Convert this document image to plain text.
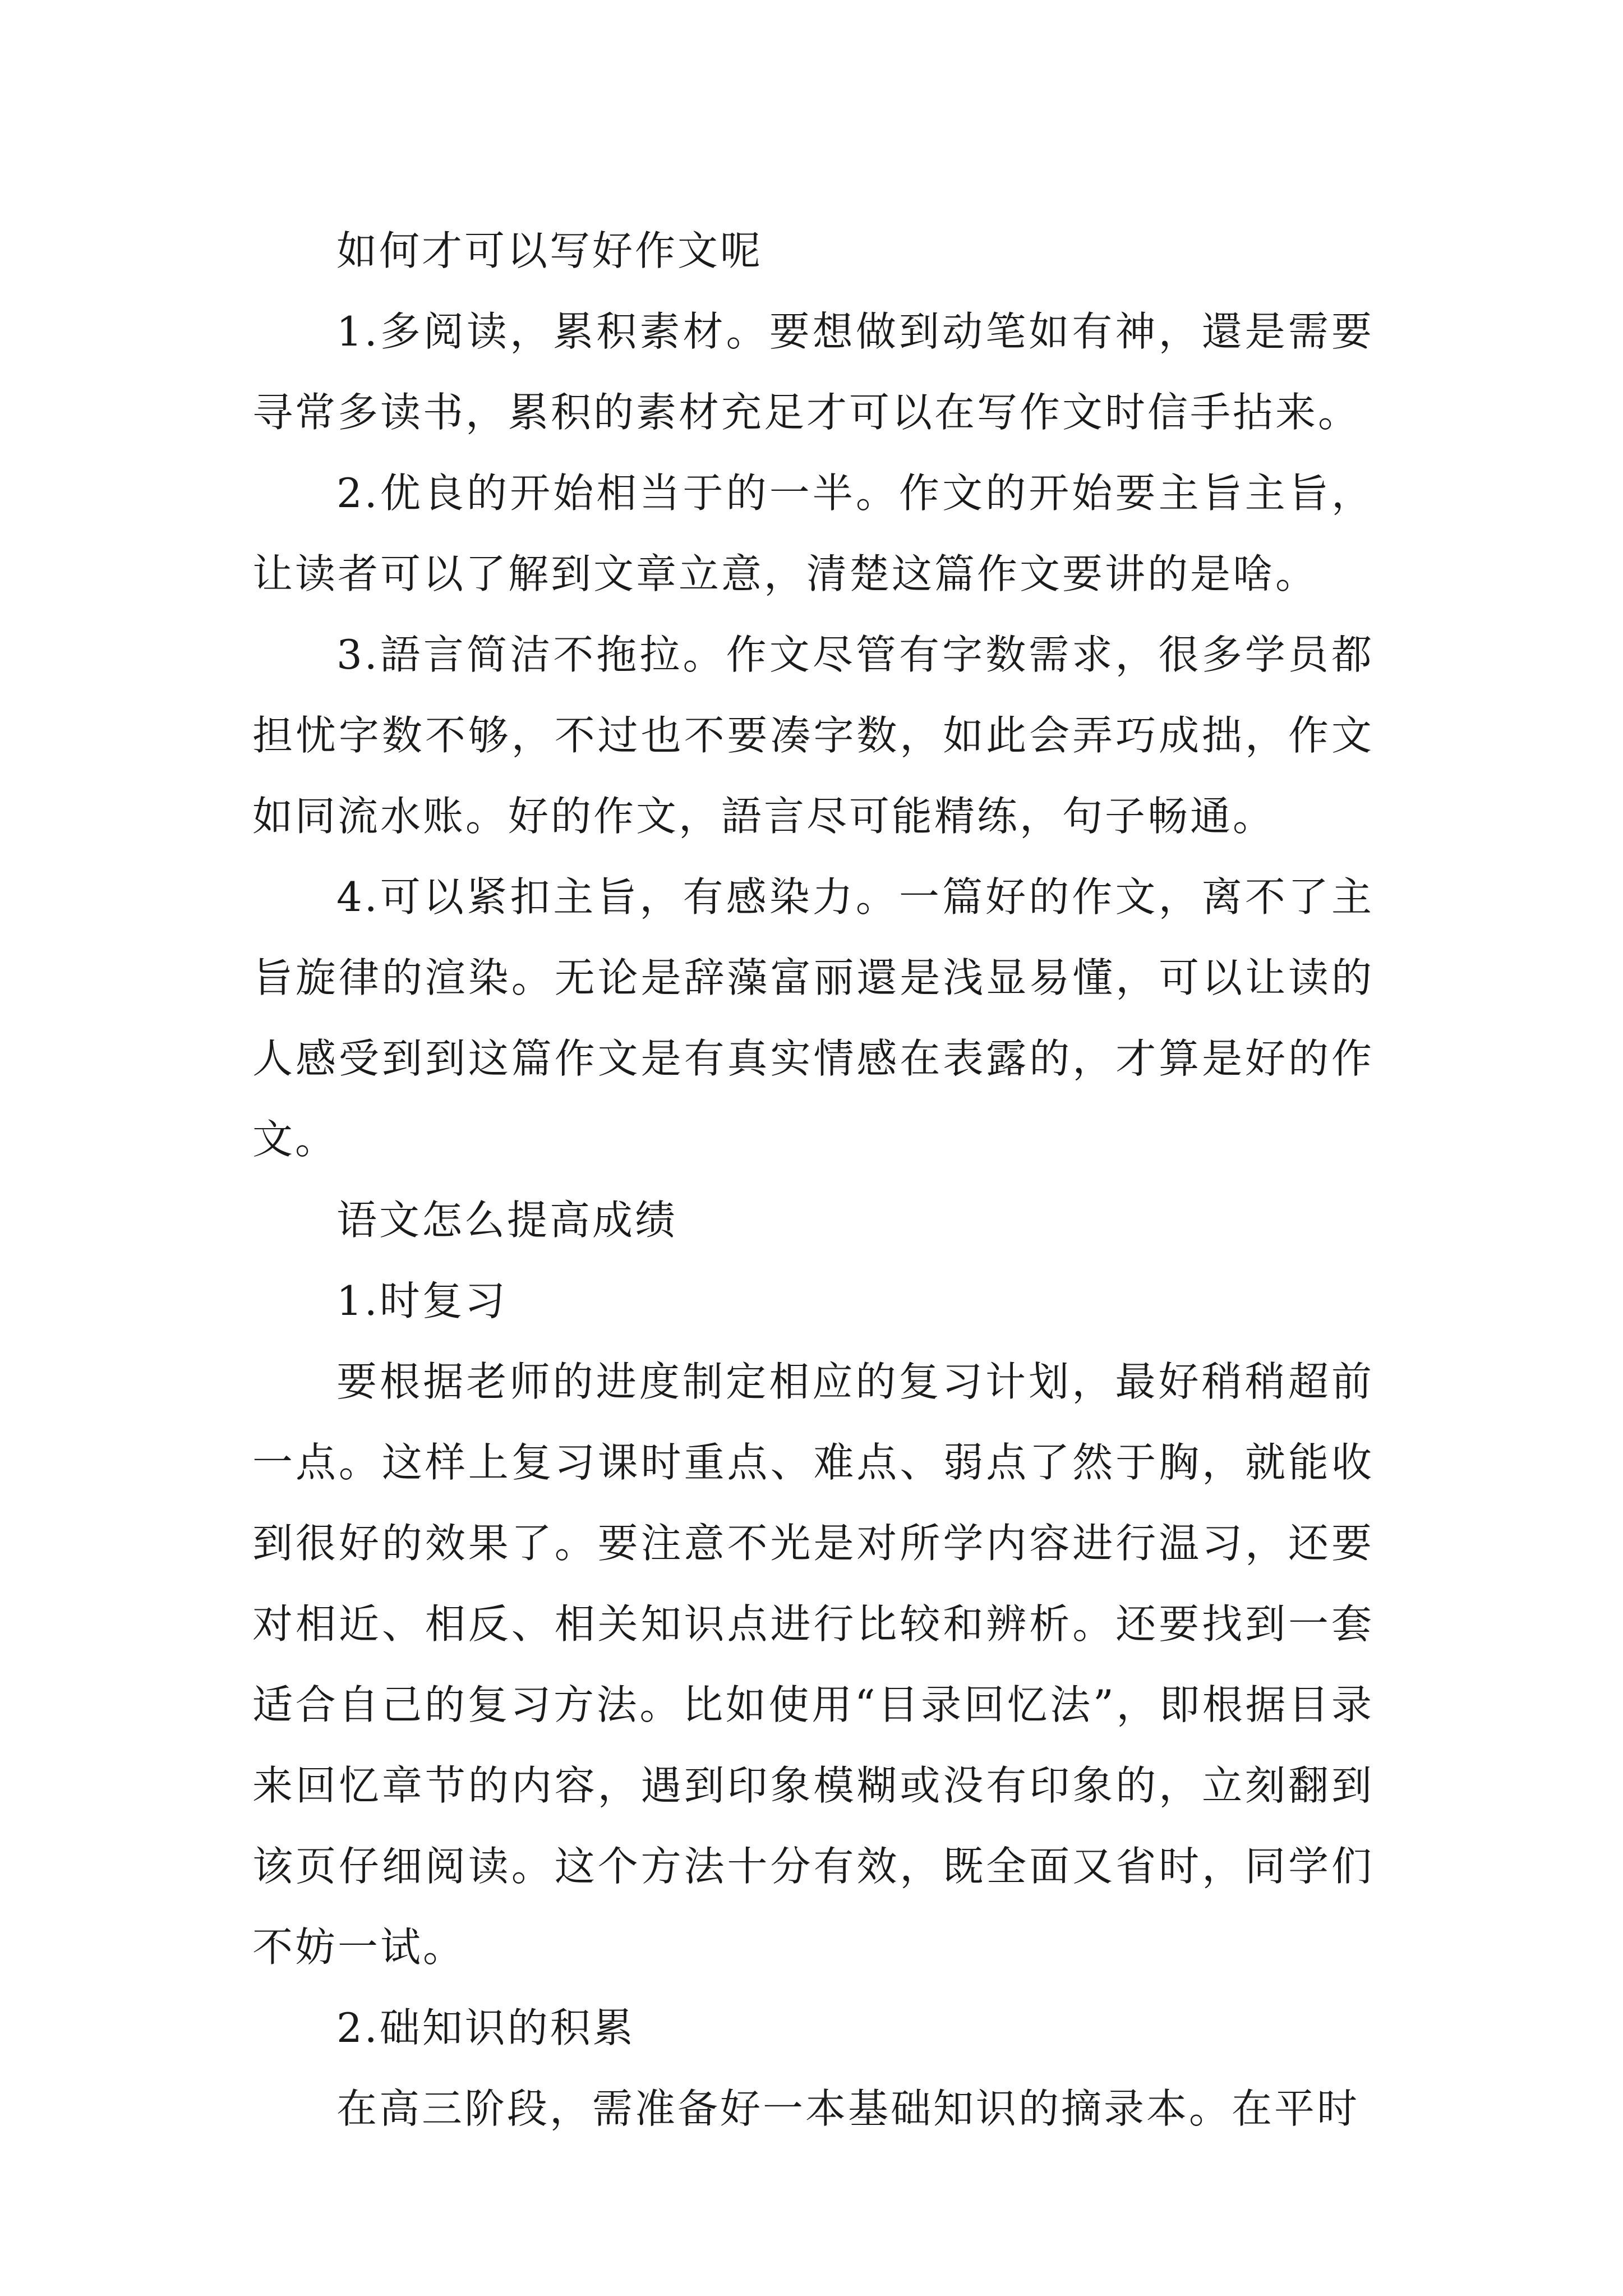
如何才可以写好作文呢

1.多阅读，累积素材。要想做到动笔如有神，還是需要寻常多读书，累积的素材充足才可以在写作文时信手拈来。

2.优良的开始相当于的一半。作文的开始要主旨主旨，让读者可以了解到文章立意，清楚这篇作文要讲的是啥。

3.語言简洁不拖拉。作文尽管有字数需求，很多学员都担忧字数不够，不过也不要凑字数，如此会弄巧成拙，作文如同流水账。好的作文，語言尽可能精练，句子畅通。

4.可以紧扣主旨，有感染力。一篇好的作文，离不了主旨旋律的渲染。无论是辞藻富丽還是浅显易懂，可以让读的人感受到到这篇作文是有真实情感在表露的，才算是好的作文。

语文怎么提高成绩

1.时复习

要根据老师的进度制定相应的复习计划，最好稍稍超前一点。这样上复习课时重点、难点、弱点了然于胸，就能收到很好的效果了。要注意不光是对所学内容进行温习，还要对相近、相反、相关知识点进行比较和辨析。还要找到一套适合自己的复习方法。比如使用“目录回忆法”，即根据目录来回忆章节的内容，遇到印象模糊或没有印象的，立刻翻到该页仔细阅读。这个方法十分有效，既全面又省时，同学们不妨一试。

2.础知识的积累

在高三阶段，需准备好一本基础知识的摘录本。在平时
